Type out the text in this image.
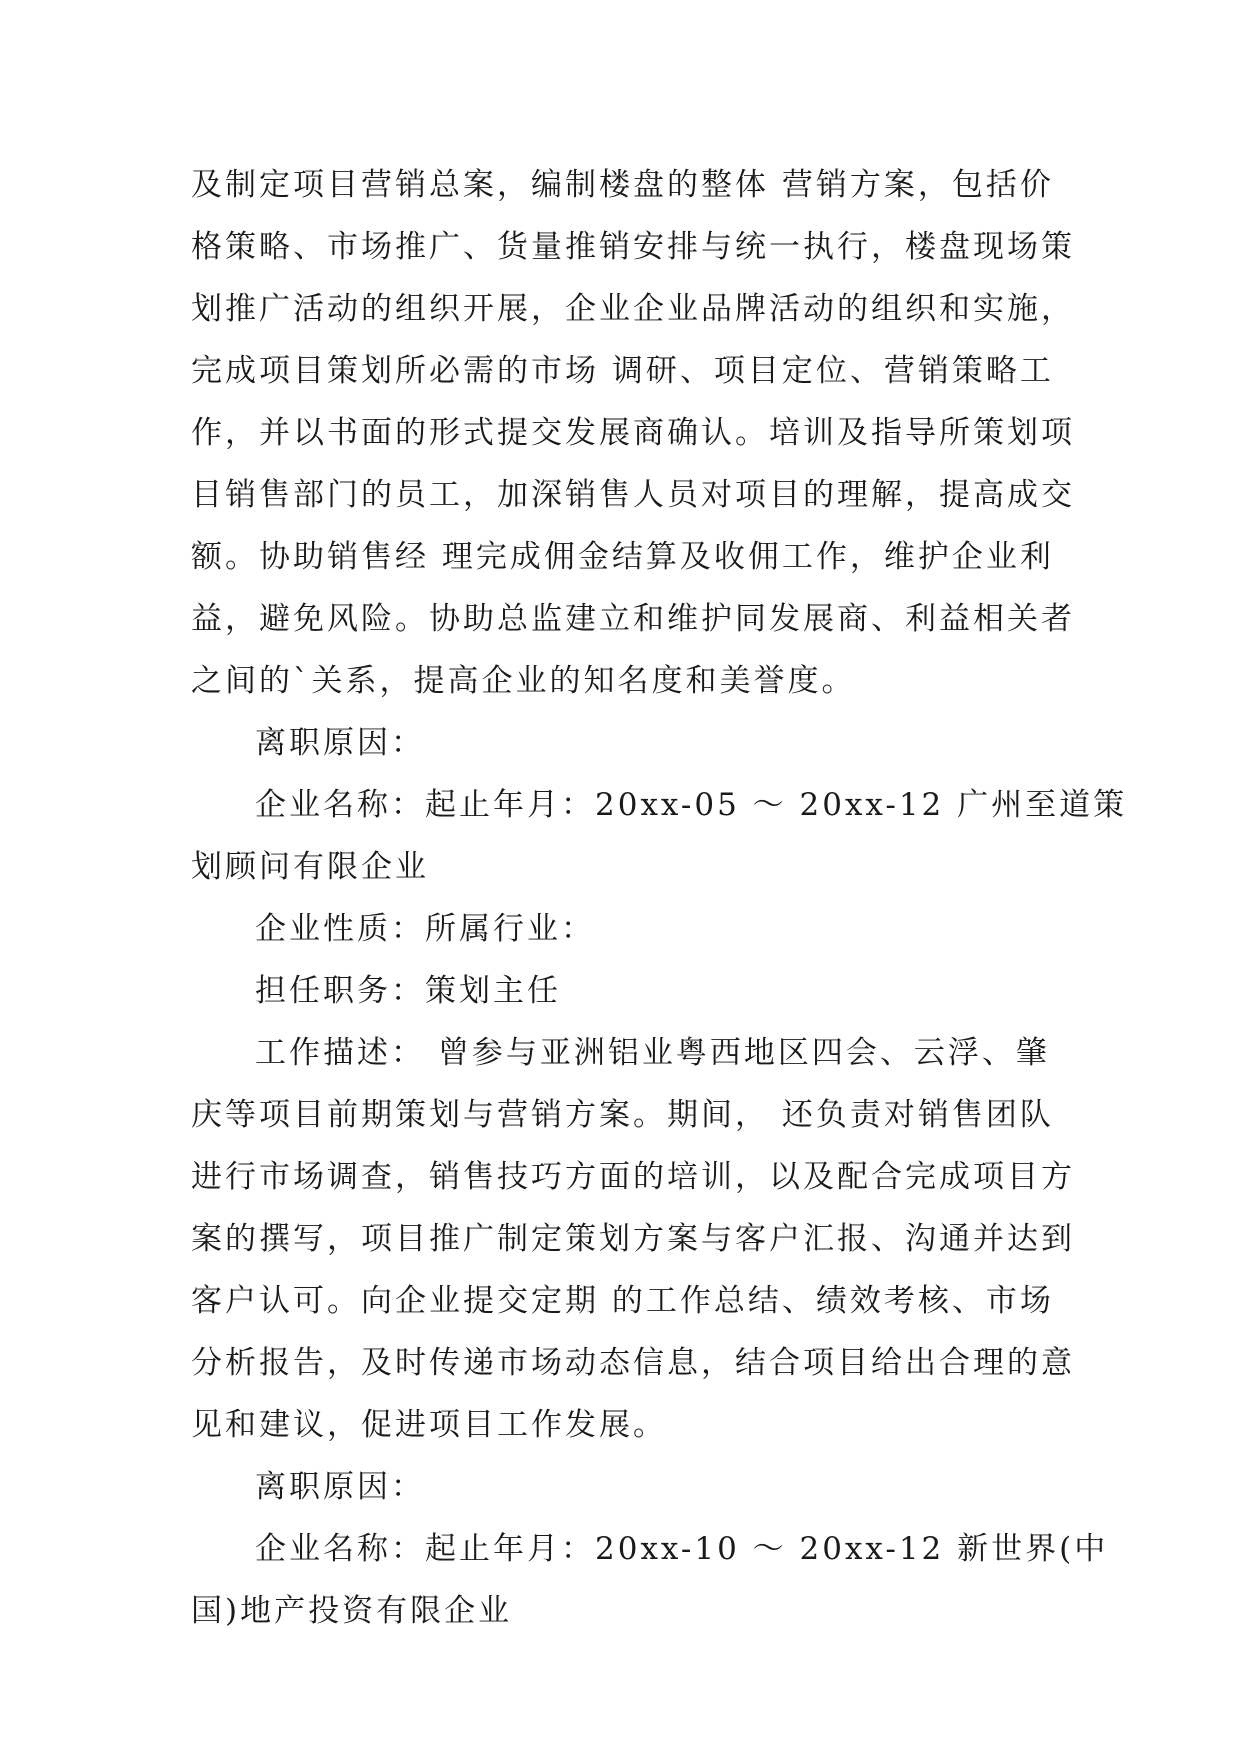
及制定项目营销总案，编制楼盘的整体 营销方案，包括价
格策略、市场推广、货量推销安排与统一执行，楼盘现场策
划推广活动的组织开展，企业企业品牌活动的组织和实施，
完成项目策划所必需的市场 调研、项目定位、营销策略工
作，并以书面的形式提交发展商确认。培训及指导所策划项
目销售部门的员工，加深销售人员对项目的理解，提高成交
额。协助销售经 理完成佣金结算及收佣工作，维护企业利
益，避免风险。协助总监建立和维护同发展商、利益相关者
之间的`关系，提高企业的知名度和美誉度。
离职原因：
企业名称：起止年月：20xx-05 ～ 20xx-12 广州至道策
划顾问有限企业
企业性质：所属行业：
担任职务：策划主任
工作描述： 曾参与亚洲铝业粤西地区四会、云浮、肇
庆等项目前期策划与营销方案。期间， 还负责对销售团队
进行市场调查，销售技巧方面的培训，以及配合完成项目方
案的撰写，项目推广制定策划方案与客户汇报、沟通并达到
客户认可。向企业提交定期 的工作总结、绩效考核、市场
分析报告，及时传递市场动态信息，结合项目给出合理的意
见和建议，促进项目工作发展。
离职原因：
企业名称：起止年月：20xx-10 ～ 20xx-12 新世界(中
国)地产投资有限企业
